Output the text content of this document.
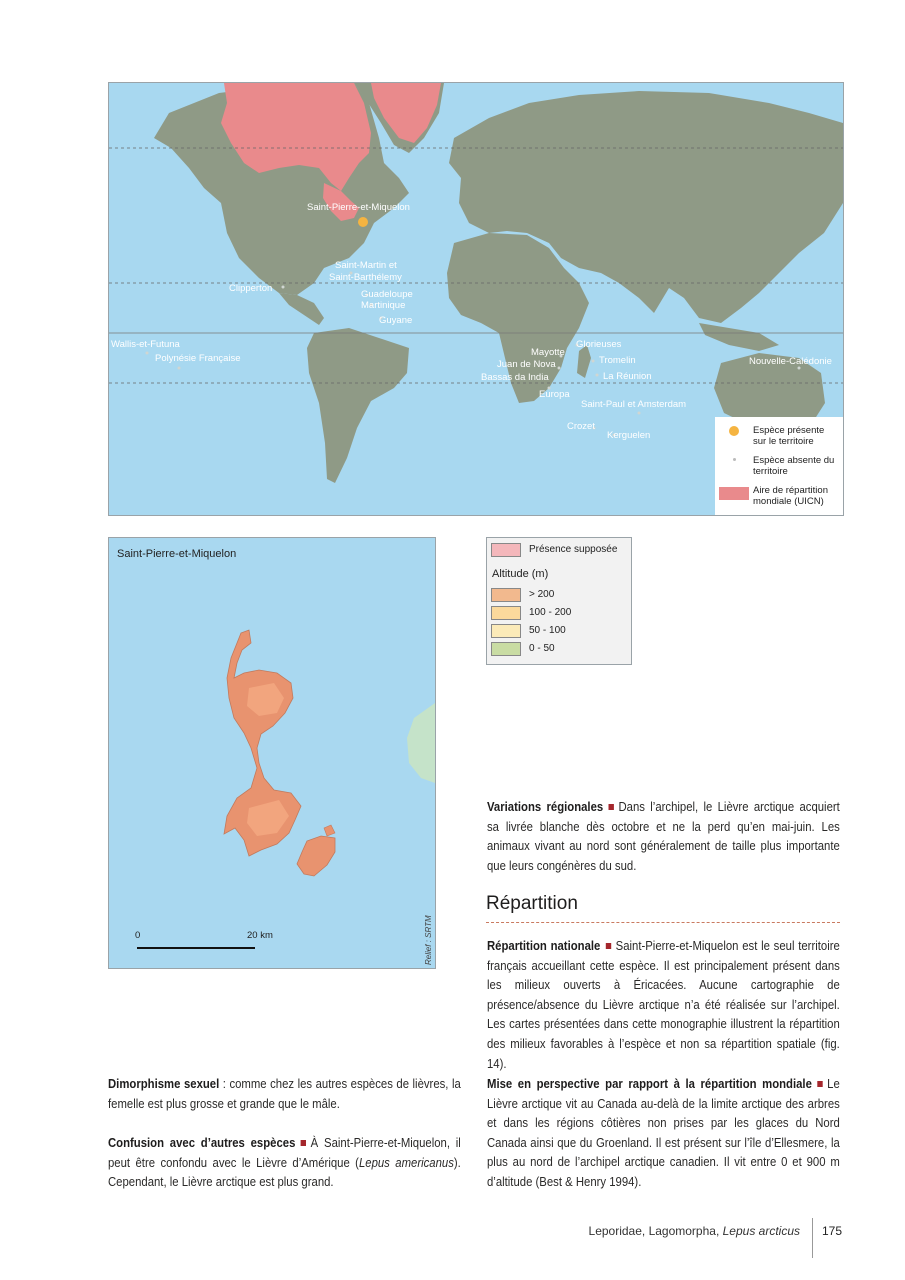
Saint-Pierre-et-Miquelon
Saint-Martin et
Saint-Barthélemy
Clipperton
Guadeloupe
Martinique
Guyane
Wallis-et-Futuna
Polynésie Française
Mayotte
Glorieuses
Juan de Nova	Tromelin
Bassas da India	La Réunion
Nouvelle-Calédonie
Europa
Saint-Paul et Amsterdam
Crozet
Kerguelen	Espèce présente sur le territoire
Espèce absente du territoire
Aire de répartition mondiale (UICN)
Saint-Pierre-et-Miquelon
0	20 km	Relief : SRTM
Présence supposée
Altitude (m)
> 200
100 - 200
50 - 100
0 - 50
Variations régionales Dans l’archipel, le Lièvre arctique acquiert sa livrée blanche dès octobre et ne la perd qu’en mai-juin. Les animaux vivant au nord sont généralement de taille plus importante que leurs congénères du sud.
Répartition
Répartition nationale Saint-Pierre-et-Miquelon est le seul territoire français accueillant cette espèce. Il est principalement présent dans les milieux ouverts à Éricacées. Aucune cartographie de présence/absence du Lièvre arctique n’a été réalisée sur l’archipel. Les cartes présentées dans cette monographie illustrent la répartition des milieux favorables à l’espèce et non sa répartition spatiale (fig. 14).
Mise en perspective par rapport à la répartition mondiale Le Lièvre arctique vit au Canada au-delà de la limite arctique des arbres et dans les régions côtières non prises par les glaces du Nord Canada ainsi que du Groenland. Il est présent sur l’île d’Ellesmere, la plus au nord de l’archipel arctique canadien. Il vit entre 0 et 900 m d’altitude (Best & Henry 1994).
Dimorphisme sexuel : comme chez les autres espèces de lièvres, la femelle est plus grosse et grande que le mâle.
Confusion avec d’autres espèces À Saint-Pierre-et-Miquelon, il peut être confondu avec le Lièvre d’Amérique (Lepus americanus). Cependant, le Lièvre arctique est plus grand.
Leporidae, Lagomorpha, Lepus arcticus 175
